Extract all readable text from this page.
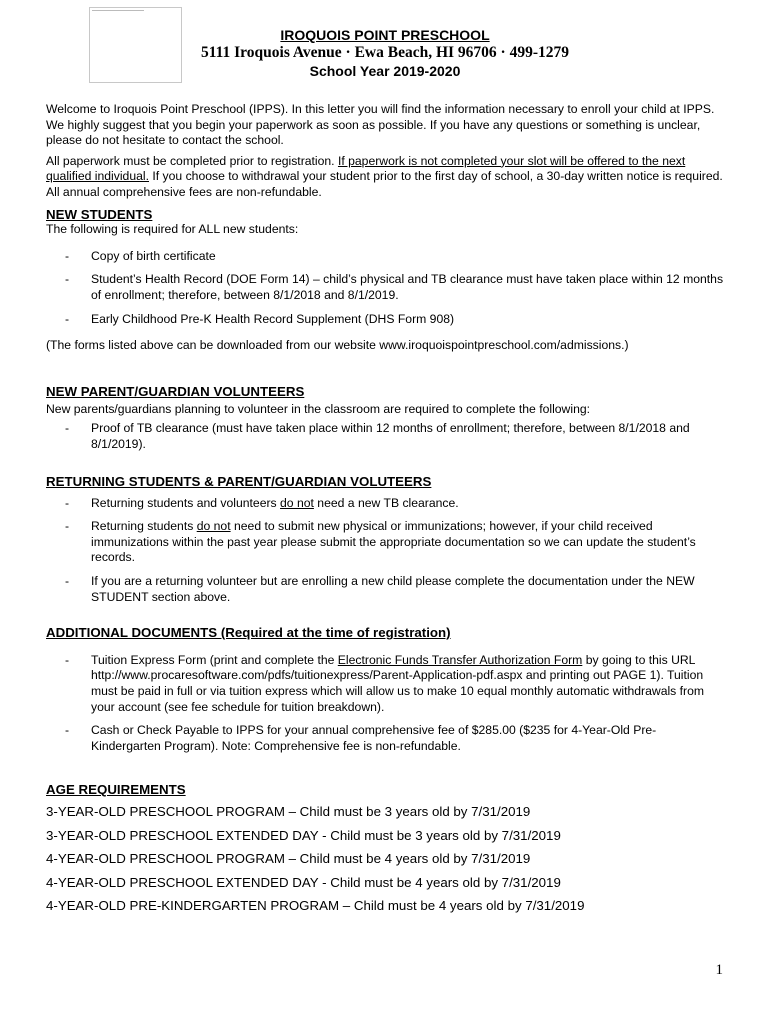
IROQUOIS POINT PRESCHOOL
5111 Iroquois Avenue · Ewa Beach, HI 96706 · 499-1279
School Year 2019-2020

Welcome to Iroquois Point Preschool (IPPS). In this letter you will find the information necessary to enroll your child at IPPS. We highly suggest that you begin your paperwork as soon as possible. If you have any questions or something is unclear, please do not hesitate to contact the school.

All paperwork must be completed prior to registration. If paperwork is not completed your slot will be offered to the next qualified individual. If you choose to withdrawal your student prior to the first day of school, a 30-day written notice is required. All annual comprehensive fees are non-refundable.

NEW STUDENTS

The following is required for ALL new students:

- Copy of birth certificate
- Student’s Health Record (DOE Form 14) – child’s physical and TB clearance must have taken place within 12 months of enrollment; therefore, between 8/1/2018 and 8/1/2019.
- Early Childhood Pre-K Health Record Supplement (DHS Form 908)

(The forms listed above can be downloaded from our website www.iroquoispointpreschool.com/admissions.)

NEW PARENT/GUARDIAN VOLUNTEERS

New parents/guardians planning to volunteer in the classroom are required to complete the following:

- Proof of TB clearance (must have taken place within 12 months of enrollment; therefore, between 8/1/2018 and 8/1/2019).

RETURNING STUDENTS & PARENT/GUARDIAN VOLUTEERS

- Returning students and volunteers do not need a new TB clearance.
- Returning students do not need to submit new physical or immunizations; however, if your child received immunizations within the past year please submit the appropriate documentation so we can update the student’s records.
- If you are a returning volunteer but are enrolling a new child please complete the documentation under the NEW STUDENT section above.

ADDITIONAL DOCUMENTS (Required at the time of registration)

- Tuition Express Form (print and complete the Electronic Funds Transfer Authorization Form by going to this URL http://www.procaresoftware.com/pdfs/tuitionexpress/Parent-Application-pdf.aspx and printing out PAGE 1). Tuition must be paid in full or via tuition express which will allow us to make 10 equal monthly automatic withdrawals from your account (see fee schedule for tuition breakdown).
- Cash or Check Payable to IPPS for your annual comprehensive fee of $285.00 ($235 for 4-Year-Old Pre-Kindergarten Program). Note: Comprehensive fee is non-refundable.

AGE REQUIREMENTS

3-YEAR-OLD PRESCHOOL PROGRAM – Child must be 3 years old by 7/31/2019

3-YEAR-OLD PRESCHOOL EXTENDED DAY - Child must be 3 years old by 7/31/2019

4-YEAR-OLD PRESCHOOL PROGRAM – Child must be 4 years old by 7/31/2019

4-YEAR-OLD PRESCHOOL EXTENDED DAY - Child must be 4 years old by 7/31/2019

4-YEAR-OLD PRE-KINDERGARTEN PROGRAM – Child must be 4 years old by 7/31/2019

1
